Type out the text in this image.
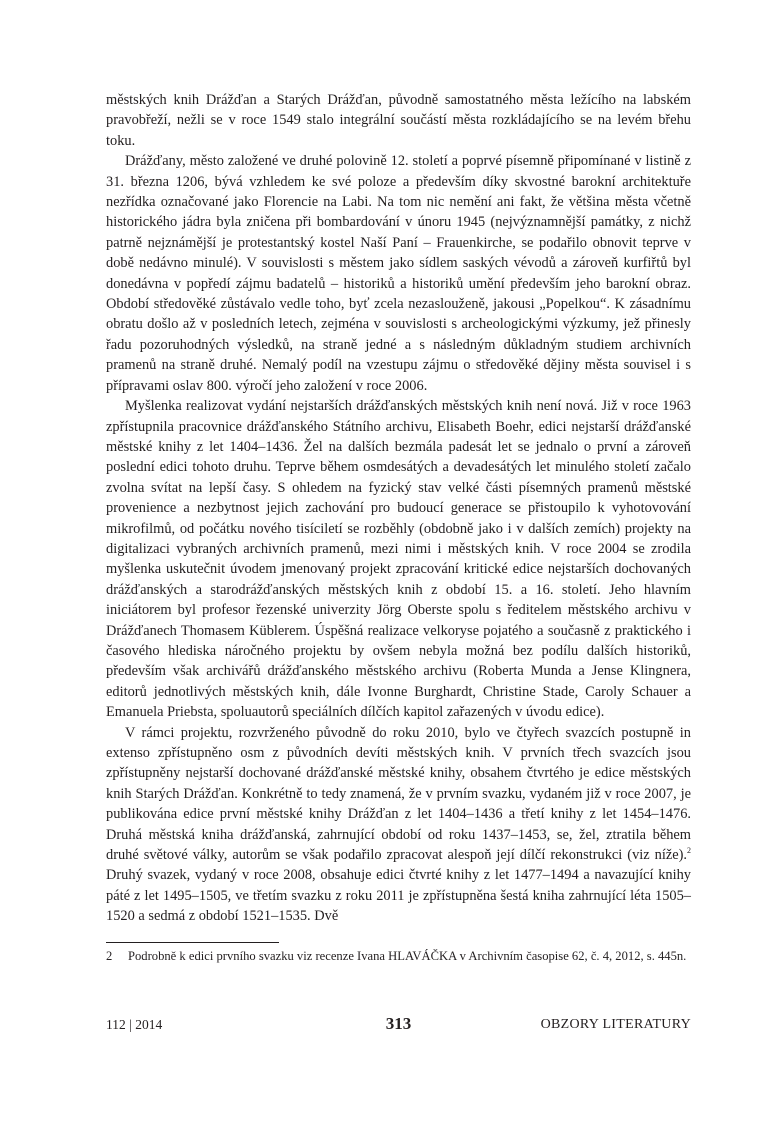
městských knih Drážďan a Starých Drážďan, původně samostatného města ležícího na labském pravobřeží, nežli se v roce 1549 stalo integrální součástí města rozkládajícího se na levém břehu toku.

Drážďany, město založené ve druhé polovině 12. století a poprvé písemně připomínané v listině z 31. března 1206, bývá vzhledem ke své poloze a především díky skvostné barokní architektuře nezřídka označované jako Florencie na Labi. Na tom nic nemění ani fakt, že většina města včetně historického jádra byla zničena při bombardování v únoru 1945 (nejvýznamnější památky, z nichž patrně nejznámější je protestantský kostel Naší Paní – Frauenkirche, se podařilo obnovit teprve v době nedávno minulé). V souvislosti s městem jako sídlem saských vévodů a zároveň kurfiřtů byl donedávna v popředí zájmu badatelů – historiků a historiků umění především jeho barokní obraz. Období středověké zůstávalo vedle toho, byť zcela nezaslouženě, jakousi „Popelkou“. K zásadnímu obratu došlo až v posledních letech, zejména v souvislosti s archeologickými výzkumy, jež přinesly řadu pozoruhodných výsledků, na straně jedné a s následným důkladným studiem archivních pramenů na straně druhé. Nemalý podíl na vzestupu zájmu o středověké dějiny města souvisel i s přípravami oslav 800. výročí jeho založení v roce 2006.

Myšlenka realizovat vydání nejstarších drážďanských městských knih není nová. Již v roce 1963 zpřístupnila pracovnice drážďanského Státního archivu, Elisabeth Boehr, edici nejstarší drážďanské městské knihy z let 1404–1436. Žel na dalších bezmála padesát let se jednalo o první a zároveň poslední edici tohoto druhu. Teprve během osmdesátých a devadesátých let minulého století začalo zvolna svítat na lepší časy. S ohledem na fyzický stav velké části písemných pramenů městské provenience a nezbytnost jejich zachování pro budoucí generace se přistoupilo k vyhotovování mikrofilmů, od počátku nového tisíciletí se rozběhly (obdobně jako i v dalších zemích) projekty na digitalizaci vybraných archivních pramenů, mezi nimi i městských knih. V roce 2004 se zrodila myšlenka uskutečnit úvodem jmenovaný projekt zpracování kritické edice nejstarších dochovaných drážďanských a starodrážďanských městských knih z období 15. a 16. století. Jeho hlavním iniciátorem byl profesor řezenské univerzity Jörg Oberste spolu s ředitelem městského archivu v Drážďanech Thomasem Küblerem. Úspěšná realizace velkoryse pojatého a současně z praktického i časového hlediska náročného projektu by ovšem nebyla možná bez podílu dalších historiků, především však archivářů drážďanského městského archivu (Roberta Munda a Jense Klingnera, editorů jednotlivých městských knih, dále Ivonne Burghardt, Christine Stade, Caroly Schauer a Emanuela Priebsta, spoluautorů speciálních dílčích kapitol zařazených v úvodu edice).

V rámci projektu, rozvrženého původně do roku 2010, bylo ve čtyřech svazcích postupně in extenso zpřístupněno osm z původních devíti městských knih. V prvních třech svazcích jsou zpřístupněny nejstarší dochované drážďanské městské knihy, obsahem čtvrtého je edice městských knih Starých Drážďan. Konkrétně to tedy znamená, že v prvním svazku, vydaném již v roce 2007, je publikována edice první městské knihy Drážďan z let 1404–1436 a třetí knihy z let 1454–1476. Druhá městská kniha drážďanská, zahrnující období od roku 1437–1453, se, žel, ztratila během druhé světové války, autorům se však podařilo zpracovat alespoň její dílčí rekonstrukci (viz níže).$^2$ Druhý svazek, vydaný v roce 2008, obsahuje edici čtvrté knihy z let 1477–1494 a navazující knihy páté z let 1495–1505, ve třetím svazku z roku 2011 je zpřístupněna šestá kniha zahrnující léta 1505–1520 a sedmá z období 1521–1535. Dvě

2	Podrobně k edici prvního svazku viz recenze Ivana HLAVÁČKA v Archivním časopise 62, č. 4, 2012, s. 445n.
112 | 2014	313	OBZORY LITERATURY
